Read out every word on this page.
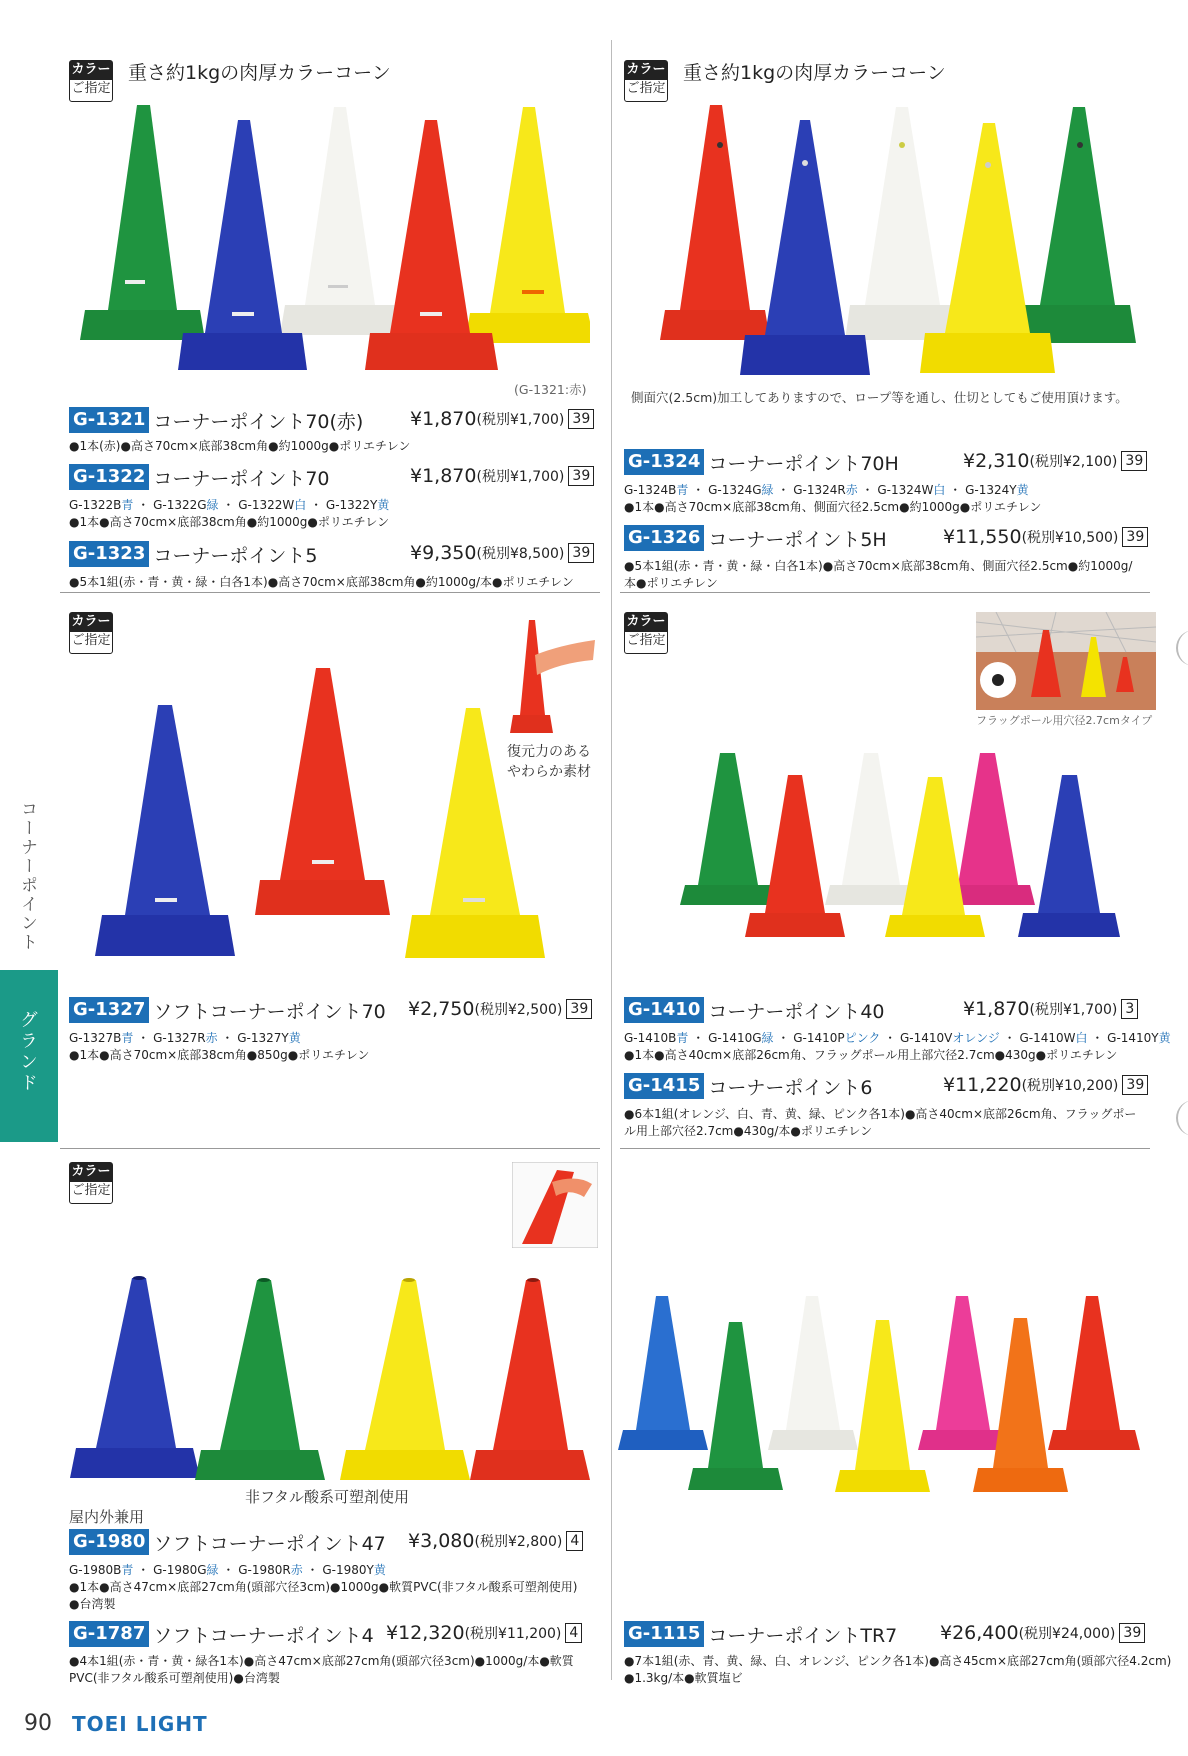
コーナーポイント
グランド
カラー
ご指定
重さ約1kgの肉厚カラーコーン
(G-1321:赤)
G-1321 コーナーポイント70(赤) ¥1,870 (税別¥1,700) 39
●1本(赤)●高さ70cm×底部38cm角●約1000g●ポリエチレン
G-1322 コーナーポイント70	¥1,870 (税別¥1,700) 39
G-1322B青 ・ G-1322G緑 ・ G-1322W白 ・ G-1322Y黄
●1本●高さ70cm×底部38cm角●約1000g●ポリエチレン
G-1323 コーナーポイント5	¥9,350 (税別¥8,500) 39
●5本1組(赤・青・黄・緑・白各1本)●高さ70cm×底部38cm角●約1000g/本●ポリエチレン
カラー
ご指定
重さ約1kgの肉厚カラーコーン
側面穴(2.5cm)加工してありますので、ロープ等を通し、仕切としてもご使用頂けます。
G-1324 コーナーポイント70H	¥2,310 (税別¥2,100) 39
G-1324B青 ・ G-1324G緑 ・ G-1324R赤 ・ G-1324W白 ・ G-1324Y黄
●1本●高さ70cm×底部38cm角、側面穴径2.5cm●約1000g●ポリエチレン
G-1326 コーナーポイント5H	¥11,550 (税別¥10,500) 39
●5本1組(赤・青・黄・緑・白各1本)●高さ70cm×底部38cm角、側面穴径2.5cm●約1000g/
本●ポリエチレン
カラー
ご指定
復元力のある
やわらか素材
G-1327 ソフトコーナーポイント70 ¥2,750 (税別¥2,500) 39
G-1327B青 ・ G-1327R赤 ・ G-1327Y黄
●1本●高さ70cm×底部38cm角●850g●ポリエチレン
カラー
ご指定
フラッグポール用穴径2.7cmタイプ
G-1410 コーナーポイント40	¥1,870 (税別¥1,700) 3
G-1410B青 ・ G-1410G緑 ・ G-1410Pピンク ・ G-1410Vオレンジ ・ G-1410W白 ・ G-1410Y黄
●1本●高さ40cm×底部26cm角、フラッグポール用上部穴径2.7cm●430g●ポリエチレン
G-1415 コーナーポイント6	¥11,220 (税別¥10,200) 39
●6本1組(オレンジ、白、青、黄、緑、ピンク各1本)●高さ40cm×底部26cm角、フラッグポー
ル用上部穴径2.7cm●430g/本●ポリエチレン
カラー
ご指定
非フタル酸系可塑剤使用
屋内外兼用
G-1980 ソフトコーナーポイント47 ¥3,080 (税別¥2,800) 4
G-1980B青 ・ G-1980G緑 ・ G-1980R赤 ・ G-1980Y黄
●1本●高さ47cm×底部27cm角(頭部穴径3cm)●1000g●軟質PVC(非フタル酸系可塑剤使用)
●台湾製
G-1787 ソフトコーナーポイント4 ¥12,320 (税別¥11,200) 4
●4本1組(赤・青・黄・緑各1本)●高さ47cm×底部27cm角(頭部穴径3cm)●1000g/本●軟質
PVC(非フタル酸系可塑剤使用)●台湾製
G-1115 コーナーポイントTR7 ¥26,400 (税別¥24,000) 39
●7本1組(赤、青、黄、緑、白、オレンジ、ピンク各1本)●高さ45cm×底部27cm角(頭部穴径4.2cm)
●1.3kg/本●軟質塩ビ
90 TOEI LIGHT
